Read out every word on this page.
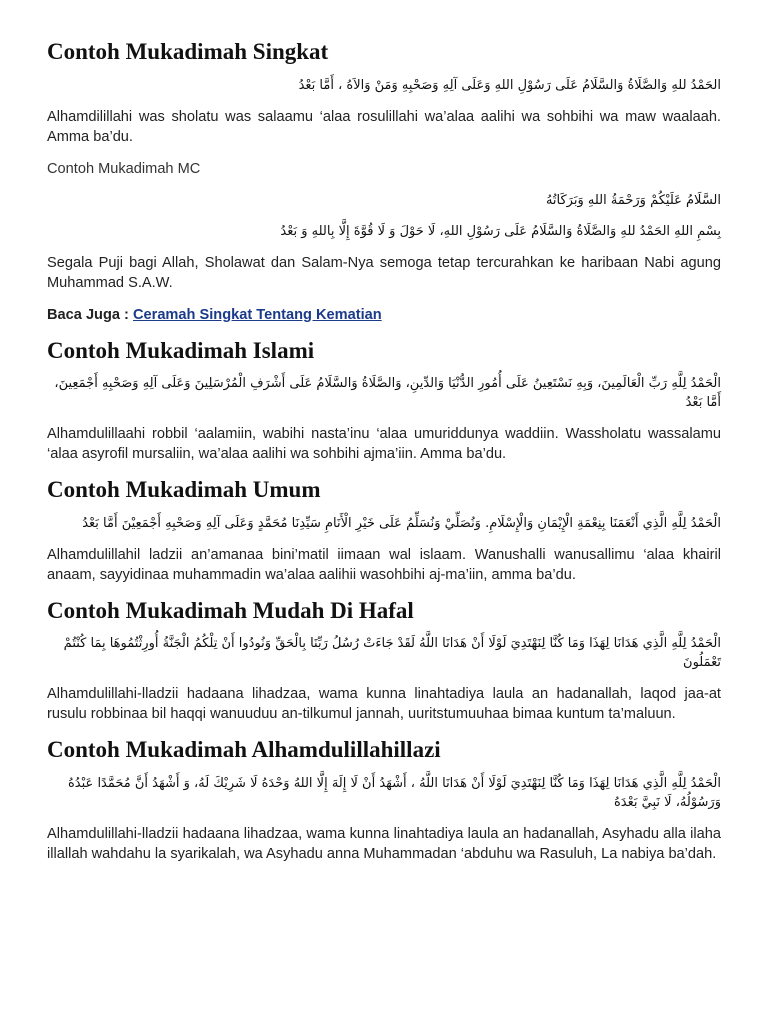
Contoh Mukadimah Singkat

الحَمْدُ للهِ وَالصَّلَاةُ وَالسَّلَامُ عَلَى رَسُوْلِ اللهِ وَعَلَى آلِهِ وَصَحْبِهِ وَمَنْ وَالاَهُ ، أَمَّا بَعْدُ

Alhamdilillahi was sholatu was salaamu ‘alaa rosulillahi wa’alaa aalihi wa sohbihi wa maw waalaah. Amma ba’du.

Contoh Mukadimah MC

السَّلَامُ عَلَيْكُمْ وَرَحْمَةُ اللهِ وَبَرَكَاتُهُ

بِسْمِ اللهِ الحَمْدُ للهِ وَالصَّلَاةُ وَالسَّلَامُ عَلَى رَسُوْلِ اللهِ، لَا حَوْلَ وَ لَا قُوَّةَ إِلَّا بِاللهِ وَ بَعْدُ

Segala Puji bagi Allah, Sholawat dan Salam-Nya semoga tetap tercurahkan ke haribaan Nabi agung Muhammad S.A.W.

Baca Juga : Ceramah Singkat Tentang Kematian

Contoh Mukadimah Islami

الْحَمْدُ لِلَّهِ رَبِّ الْعَالَمِينَ، وَبِهِ نَسْتَعِينُ عَلَى أُمُورِ الدُّنْيَا وَالدِّينِ، وَالصَّلَاةُ وَالسَّلَامُ عَلَى أَشْرَفِ الْمُرْسَلِينَ وَعَلَى آلِهِ وَصَحْبِهِ أَجْمَعِينَ، أَمَّا بَعْدُ

Alhamdulillaahi robbil ‘aalamiin, wabihi nasta’inu ‘alaa umuriddunya waddiin. Wassholatu wassalamu ‘alaa asyrofil mursaliin, wa’alaa aalihi wa sohbihi ajma’iin. Amma ba’du.

Contoh Mukadimah Umum

الْحَمْدُ لِلَّهِ الَّذِي أَنْعَمَنَا بِنِعْمَةِ الْإِيْمَانِ وَالْإِسْلَامِ. وَنُصَلِّيْ وَنُسَلِّمُ عَلَى خَيْرِ الْأَنَامِ سَيِّدِنَا مُحَمَّدٍ وَعَلَى آلِهِ وَصَحْبِهِ أَجْمَعِيْنَ أَمَّا بَعْدُ

Alhamdulillahil ladzii an’amanaa bini’matil iimaan wal islaam. Wanushalli wanusallimu ‘alaa khairil anaam, sayyidinaa muhammadin wa’alaa aalihii wasohbihi aj-ma’iin, amma ba’du.

Contoh Mukadimah Mudah Di Hafal

الْحَمْدُ لِلَّهِ الَّذِي هَدَانَا لِهَذَا وَمَا كُنَّا لِنَهْتَدِيَ لَوْلَا أَنْ هَدَانَا اللَّهُ لَقَدْ جَاءَتْ رُسُلُ رَبِّنَا بِالْحَقِّ وَنُودُوا أَنْ تِلْكُمُ الْجَنَّةُ أُورِثْتُمُوهَا بِمَا كُنْتُمْ تَعْمَلُونَ

Alhamdulillahi-lladzii hadaana lihadzaa, wama kunna linahtadiya laula an hadanallah, laqod jaa-at rusulu robbinaa bil haqqi wanuuduu an-tilkumul jannah, uuritstumuuhaa bimaa kuntum ta’maluun.

Contoh Mukadimah Alhamdulillahillazi

الْحَمْدُ لِلَّهِ الَّذِي هَدَانَا لِهَذَا وَمَا كُنَّا لِنَهْتَدِيَ لَوْلَا أَنْ هَدَانَا اللَّهُ ، أَشْهَدُ أَنْ لَا إِلَهَ إِلَّا اللهُ وَحْدَهُ لَا شَرِيْكَ لَهُ، وَ أَشْهَدُ أَنَّ مُحَمَّدًا عَبْدُهُ وَرَسُوْلُهُ، لَا نَبِيَّ بَعْدَهُ

Alhamdulillahi-lladzii hadaana lihadzaa, wama kunna linahtadiya laula an hadanallah, Asyhadu alla ilaha illallah wahdahu la syarikalah, wa Asyhadu anna Muhammadan ‘abduhu wa Rasuluh, La nabiya ba’dah.
